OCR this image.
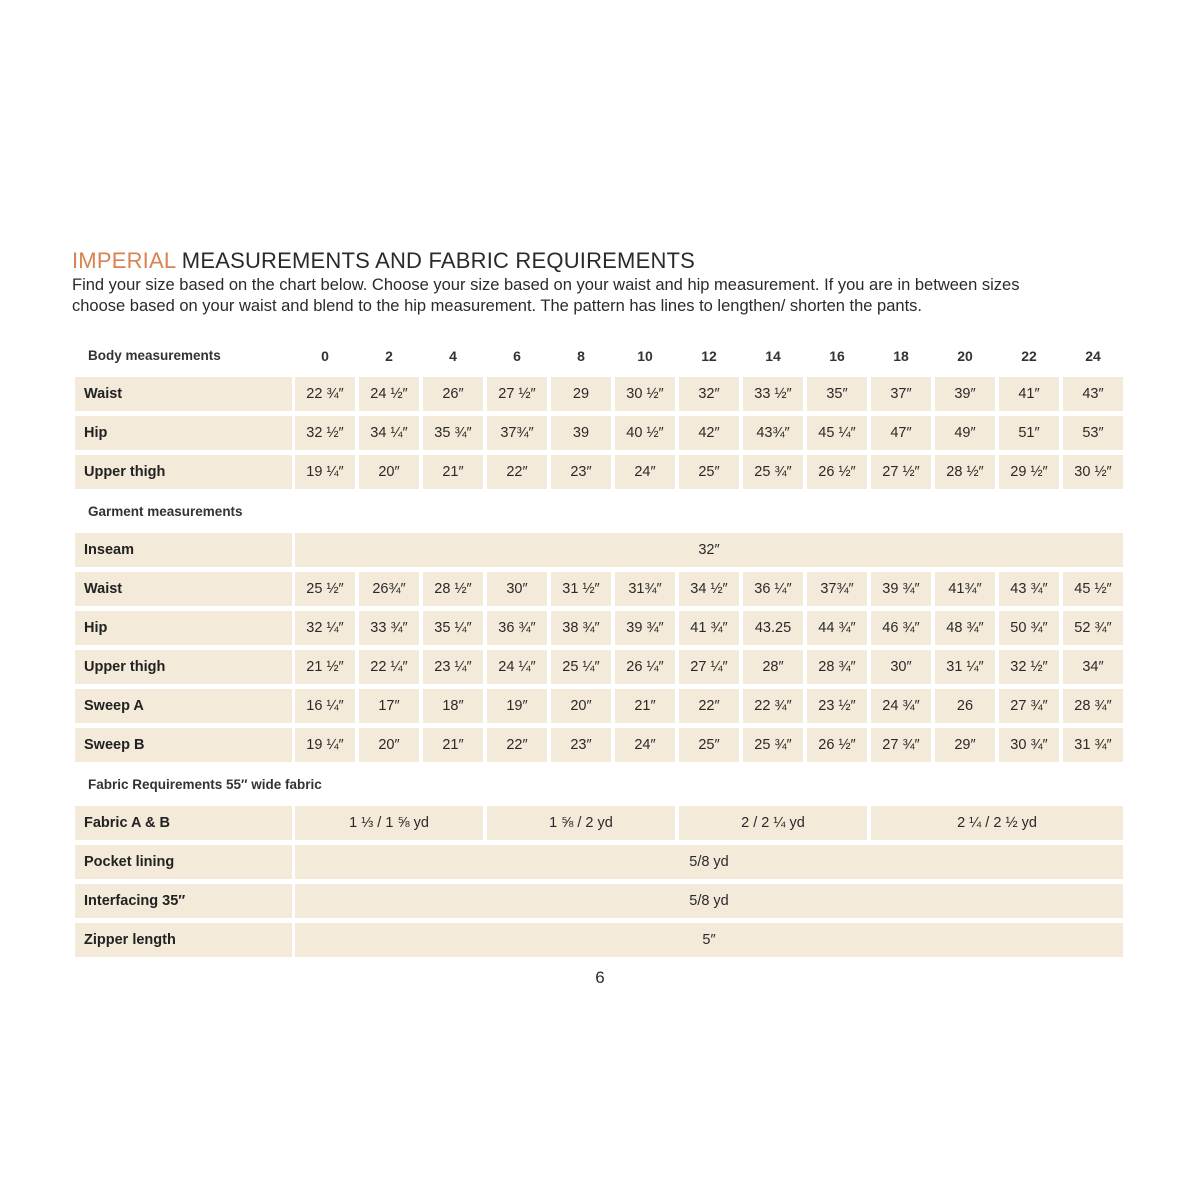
IMPERIAL MEASUREMENTS AND FABRIC REQUIREMENTS

Find your size based on the chart below. Choose your size based on your waist and hip measurement. If you are in between sizes

choose based on your waist and blend to the hip measurement. The pattern has lines to lengthen/ shorten the pants.

Body measurements	0	2	4	6	8	10	12	14	16	18	20	22	24
Waist	22 ¾″	24 ½″	26″	27 ½″	29	30 ½″	32″	33 ½″	35″	37″	39″	41″	43″
Hip	32 ½″	34 ¼″	35 ¾″	37¾″	39	40 ½″	42″	43¾″	45 ¼″	47″	49″	51″	53″
Upper thigh	19 ¼″	20″	21″	22″	23″	24″	25″	25 ¾″	26 ½″	27 ½″	28 ½″	29 ½″	30 ½″
Garment measurements
Inseam	32″
Waist	25 ½″	26¾″	28 ½″	30″	31 ½″	31¾″	34 ½″	36 ¼″	37¾″	39 ¾″	41¾″	43 ¾″	45 ½″
Hip	32 ¼″	33 ¾″	35 ¼″	36 ¾″	38 ¾″	39 ¾″	41 ¾″	43.25	44 ¾″	46 ¾″	48 ¾″	50 ¾″	52 ¾″
Upper thigh	21 ½″	22 ¼″	23 ¼″	24 ¼″	25 ¼″	26 ¼″	27 ¼″	28″	28 ¾″	30″	31 ¼″	32 ½″	34″
Sweep A	16 ¼″	17″	18″	19″	20″	21″	22″	22 ¾″	23 ½″	24 ¾″	26	27 ¾″	28 ¾″
Sweep B	19 ¼″	20″	21″	22″	23″	24″	25″	25 ¾″	26 ½″	27 ¾″	29″	30 ¾″	31 ¾″
Fabric Requirements 55″ wide fabric
Fabric A & B	1 ⅓ / 1 ⅝ yd	1 ⅝ / 2 yd	2 / 2 ¼ yd	2 ¼ / 2 ½ yd
Pocket lining	5/8 yd
Interfacing 35″	5/8 yd
Zipper length	5″
6
